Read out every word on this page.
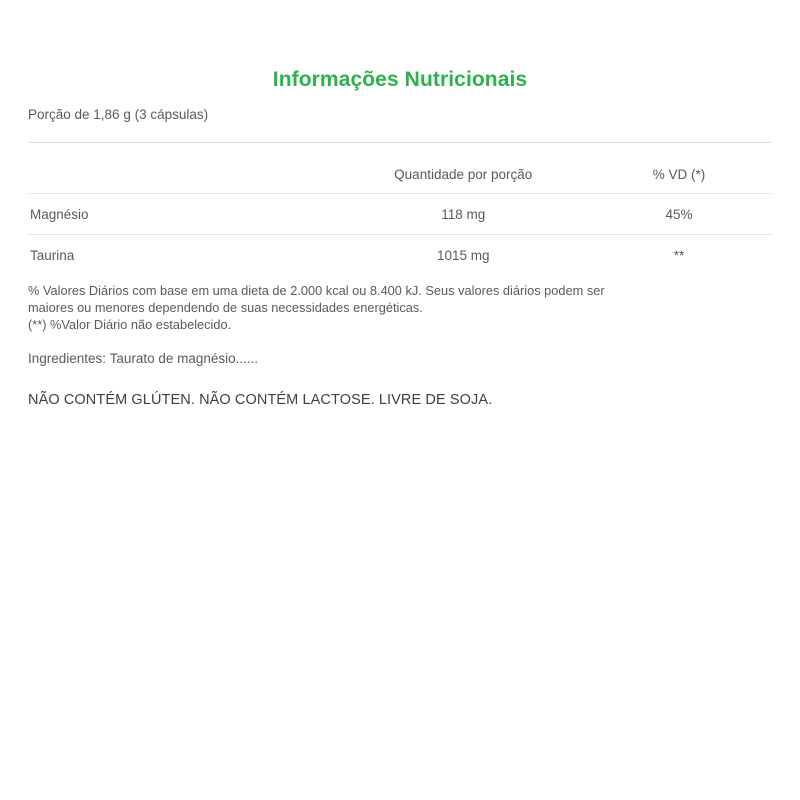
Informações Nutricionais
Porção de 1,86 g (3 cápsulas)
	Quantidade por porção	% VD (*)
Magnésio	118 mg	45%
Taurina	1015 mg	**
% Valores Diários com base em uma dieta de 2.000 kcal ou 8.400 kJ. Seus valores diários podem ser
maiores ou menores dependendo de suas necessidades energéticas.
(**) %Valor Diário não estabelecido.
Ingredientes: Taurato de magnésio......
NÃO CONTÉM GLÚTEN. NÃO CONTÉM LACTOSE. LIVRE DE SOJA.
